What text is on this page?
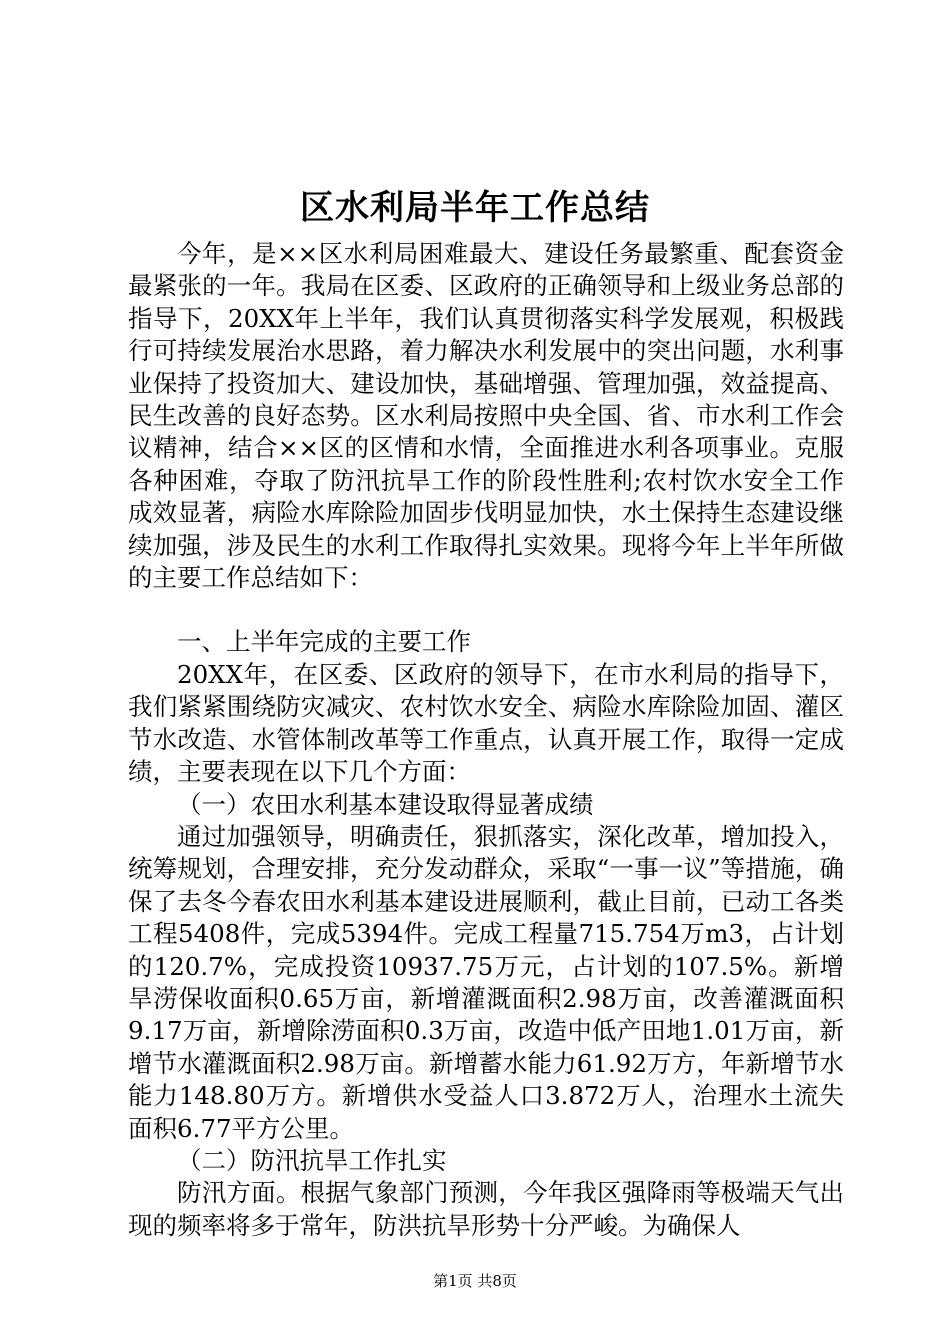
区水利局半年工作总结

今年，是××区水利局困难最大、建设任务最繁重、配套资金最紧张的一年。我局在区委、区政府的正确领导和上级业务总部的指导下，20XX年上半年，我们认真贯彻落实科学发展观，积极践行可持续发展治水思路，着力解决水利发展中的突出问题，水利事业保持了投资加大、建设加快，基础增强、管理加强，效益提高、民生改善的良好态势。区水利局按照中央全国、省、市水利工作会议精神，结合××区的区情和水情，全面推进水利各项事业。克服各种困难，夺取了防汛抗旱工作的阶段性胜利;农村饮水安全工作成效显著，病险水库除险加固步伐明显加快，水土保持生态建设继续加强，涉及民生的水利工作取得扎实效果。现将今年上半年所做的主要工作总结如下：

一、上半年完成的主要工作

20XX年，在区委、区政府的领导下，在市水利局的指导下，我们紧紧围绕防灾减灾、农村饮水安全、病险水库除险加固、灌区节水改造、水管体制改革等工作重点，认真开展工作，取得一定成绩，主要表现在以下几个方面：

（一）农田水利基本建设取得显著成绩

通过加强领导，明确责任，狠抓落实，深化改革，增加投入，统筹规划，合理安排，充分发动群众，采取“一事一议”等措施，确保了去冬今春农田水利基本建设进展顺利，截止目前，已动工各类工程5408件，完成5394件。完成工程量715.754万m3，占计划的120.7%，完成投资10937.75万元，占计划的107.5%。新增旱涝保收面积0.65万亩，新增灌溉面积2.98万亩，改善灌溉面积9.17万亩，新增除涝面积0.3万亩，改造中低产田地1.01万亩，新增节水灌溉面积2.98万亩。新增蓄水能力61.92万方，年新增节水能力148.80万方。新增供水受益人口3.872万人，治理水土流失面积6.77平方公里。

（二）防汛抗旱工作扎实

防汛方面。根据气象部门预测，今年我区强降雨等极端天气出现的频率将多于常年，防洪抗旱形势十分严峻。为确保人

第1页 共8页
